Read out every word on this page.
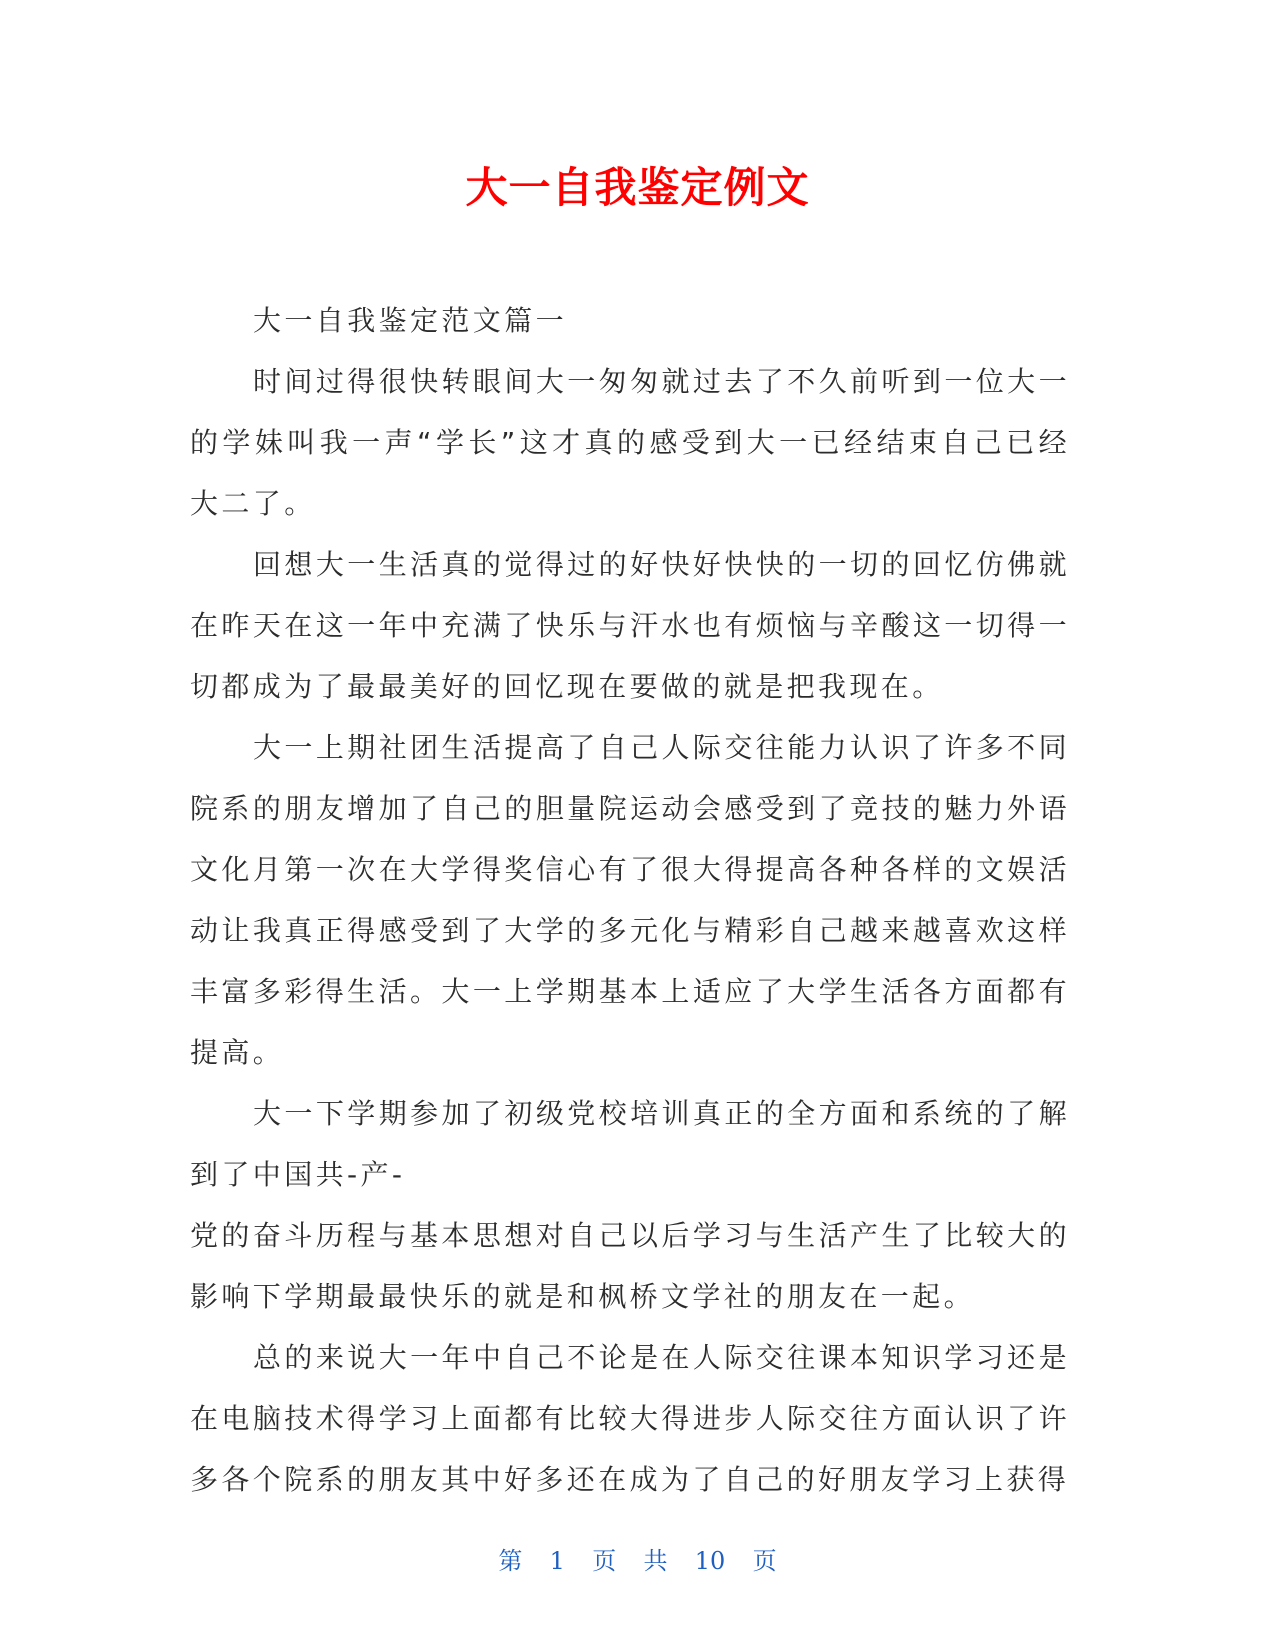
大一自我鉴定例文

大一自我鉴定范文篇一

时间过得很快转眼间大一匆匆就过去了不久前听到一位大一的学妹叫我一声“学长”这才真的感受到大一已经结束自己已经大二了。

回想大一生活真的觉得过的好快好快快的一切的回忆仿佛就在昨天在这一年中充满了快乐与汗水也有烦恼与辛酸这一切得一切都成为了最最美好的回忆现在要做的就是把我现在。

大一上期社团生活提高了自己人际交往能力认识了许多不同院系的朋友增加了自己的胆量院运动会感受到了竞技的魅力外语文化月第一次在大学得奖信心有了很大得提高各种各样的文娱活动让我真正得感受到了大学的多元化与精彩自己越来越喜欢这样丰富多彩得生活。大一上学期基本上适应了大学生活各方面都有提高。

大一下学期参加了初级党校培训真正的全方面和系统的了解到了中国共-产-

党的奋斗历程与基本思想对自己以后学习与生活产生了比较大的影响下学期最最快乐的就是和枫桥文学社的朋友在一起。

总的来说大一年中自己不论是在人际交往课本知识学习还是在电脑技术得学习上面都有比较大得进步人际交往方面认识了许多各个院系的朋友其中好多还在成为了自己的好朋友学习上获得

第 1 页 共 10 页
